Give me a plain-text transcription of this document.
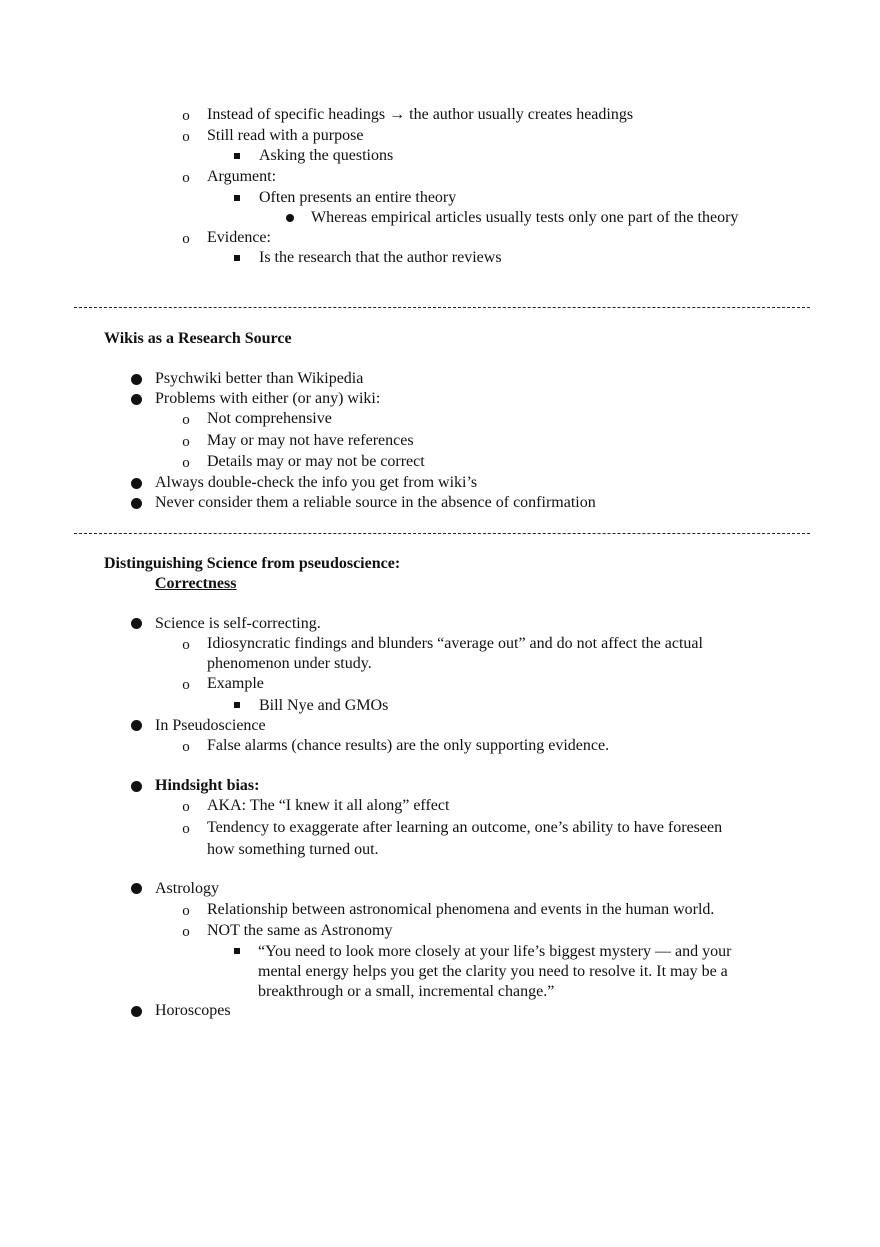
o Instead of specific headings → the author usually creates headings
o Still read with a purpose
Asking the questions
o Argument:
Often presents an entire theory
Whereas empirical articles usually tests only one part of the theory
o Evidence:
Is the research that the author reviews
Wikis as a Research Source
Psychwiki better than Wikipedia
Problems with either (or any) wiki:
o Not comprehensive
o May or may not have references
o Details may or may not be correct
Always double-check the info you get from wiki’s
Never consider them a reliable source in the absence of confirmation
Distinguishing Science from pseudoscience:
Correctness
Science is self-correcting.
o Idiosyncratic findings and blunders “average out” and do not affect the actual
phenomenon under study.
o Example
Bill Nye and GMOs
In Pseudoscience
o False alarms (chance results) are the only supporting evidence.
Hindsight bias:
o AKA: The “I knew it all along” effect
o Tendency to exaggerate after learning an outcome, one’s ability to have foreseen
how something turned out.
Astrology
o Relationship between astronomical phenomena and events in the human world.
o NOT the same as Astronomy
“You need to look more closely at your life’s biggest mystery — and your
mental energy helps you get the clarity you need to resolve it. It may be a
breakthrough or a small, incremental change.”
Horoscopes
